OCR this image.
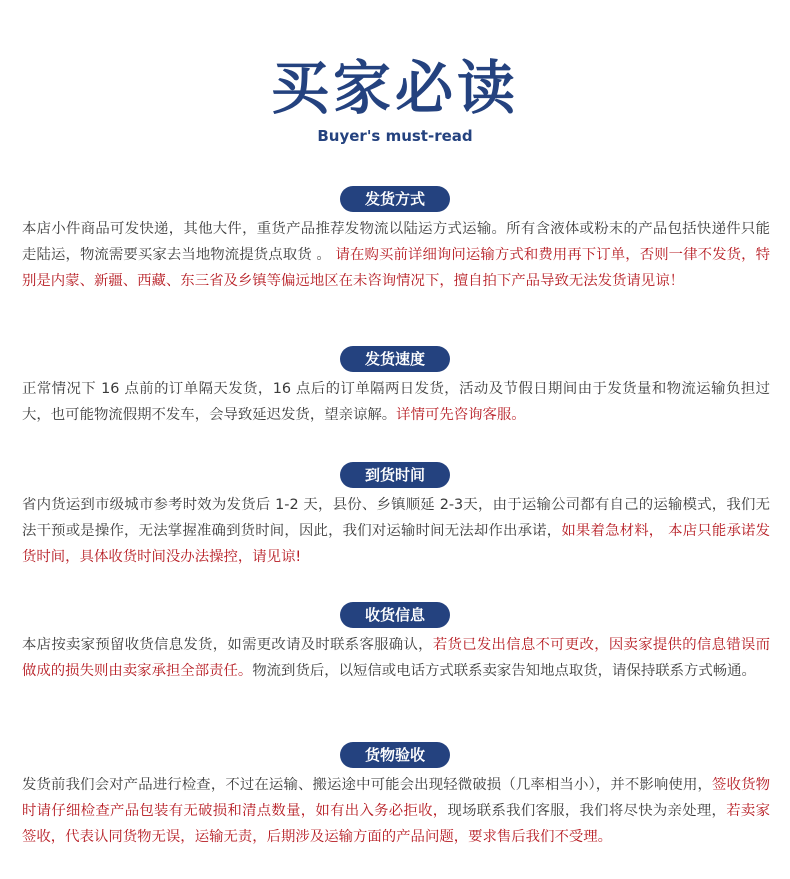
买家必读
Buyer's must-read
发货方式
本店小件商品可发快递，其他大件，重货产品推荐发物流以陆运方式运输。所有含液体或粉末的产品包括快递件只能走陆运，物流需要买家去当地物流提货点取货 。 请在购买前详细询问运输方式和费用再下订单，否则一律不发货，特别是内蒙、新疆、西藏、东三省及乡镇等偏远地区在未咨询情况下，擅自拍下产品导致无法发货请见谅！
发货速度
正常情况下 16 点前的订单隔天发货，16 点后的订单隔两日发货，活动及节假日期间由于发货量和物流运输负担过大，也可能物流假期不发车，会导致延迟发货，望亲谅解。详情可先咨询客服。
到货时间
省内货运到市级城市参考时效为发货后 1-2 天，县份、乡镇顺延 2-3天，由于运输公司都有自己的运输模式，我们无法干预或是操作，无法掌握准确到货时间，因此，我们对运输时间无法却作出承诺，如果着急材料， 本店只能承诺发货时间，具体收货时间没办法操控，请见谅!
收货信息
本店按卖家预留收货信息发货，如需更改请及时联系客服确认，若货已发出信息不可更改，因卖家提供的信息错误而做成的损失则由卖家承担全部责任。物流到货后，以短信或电话方式联系卖家告知地点取货，请保持联系方式畅通。
货物验收
发货前我们会对产品进行检查，不过在运输、搬运途中可能会出现轻微破损（几率相当小），并不影响使用，签收货物时请仔细检查产品包装有无破损和清点数量，如有出入务必拒收，现场联系我们客服，我们将尽快为亲处理，若卖家签收，代表认同货物无误，运输无责，后期涉及运输方面的产品问题，要求售后我们不受理。
